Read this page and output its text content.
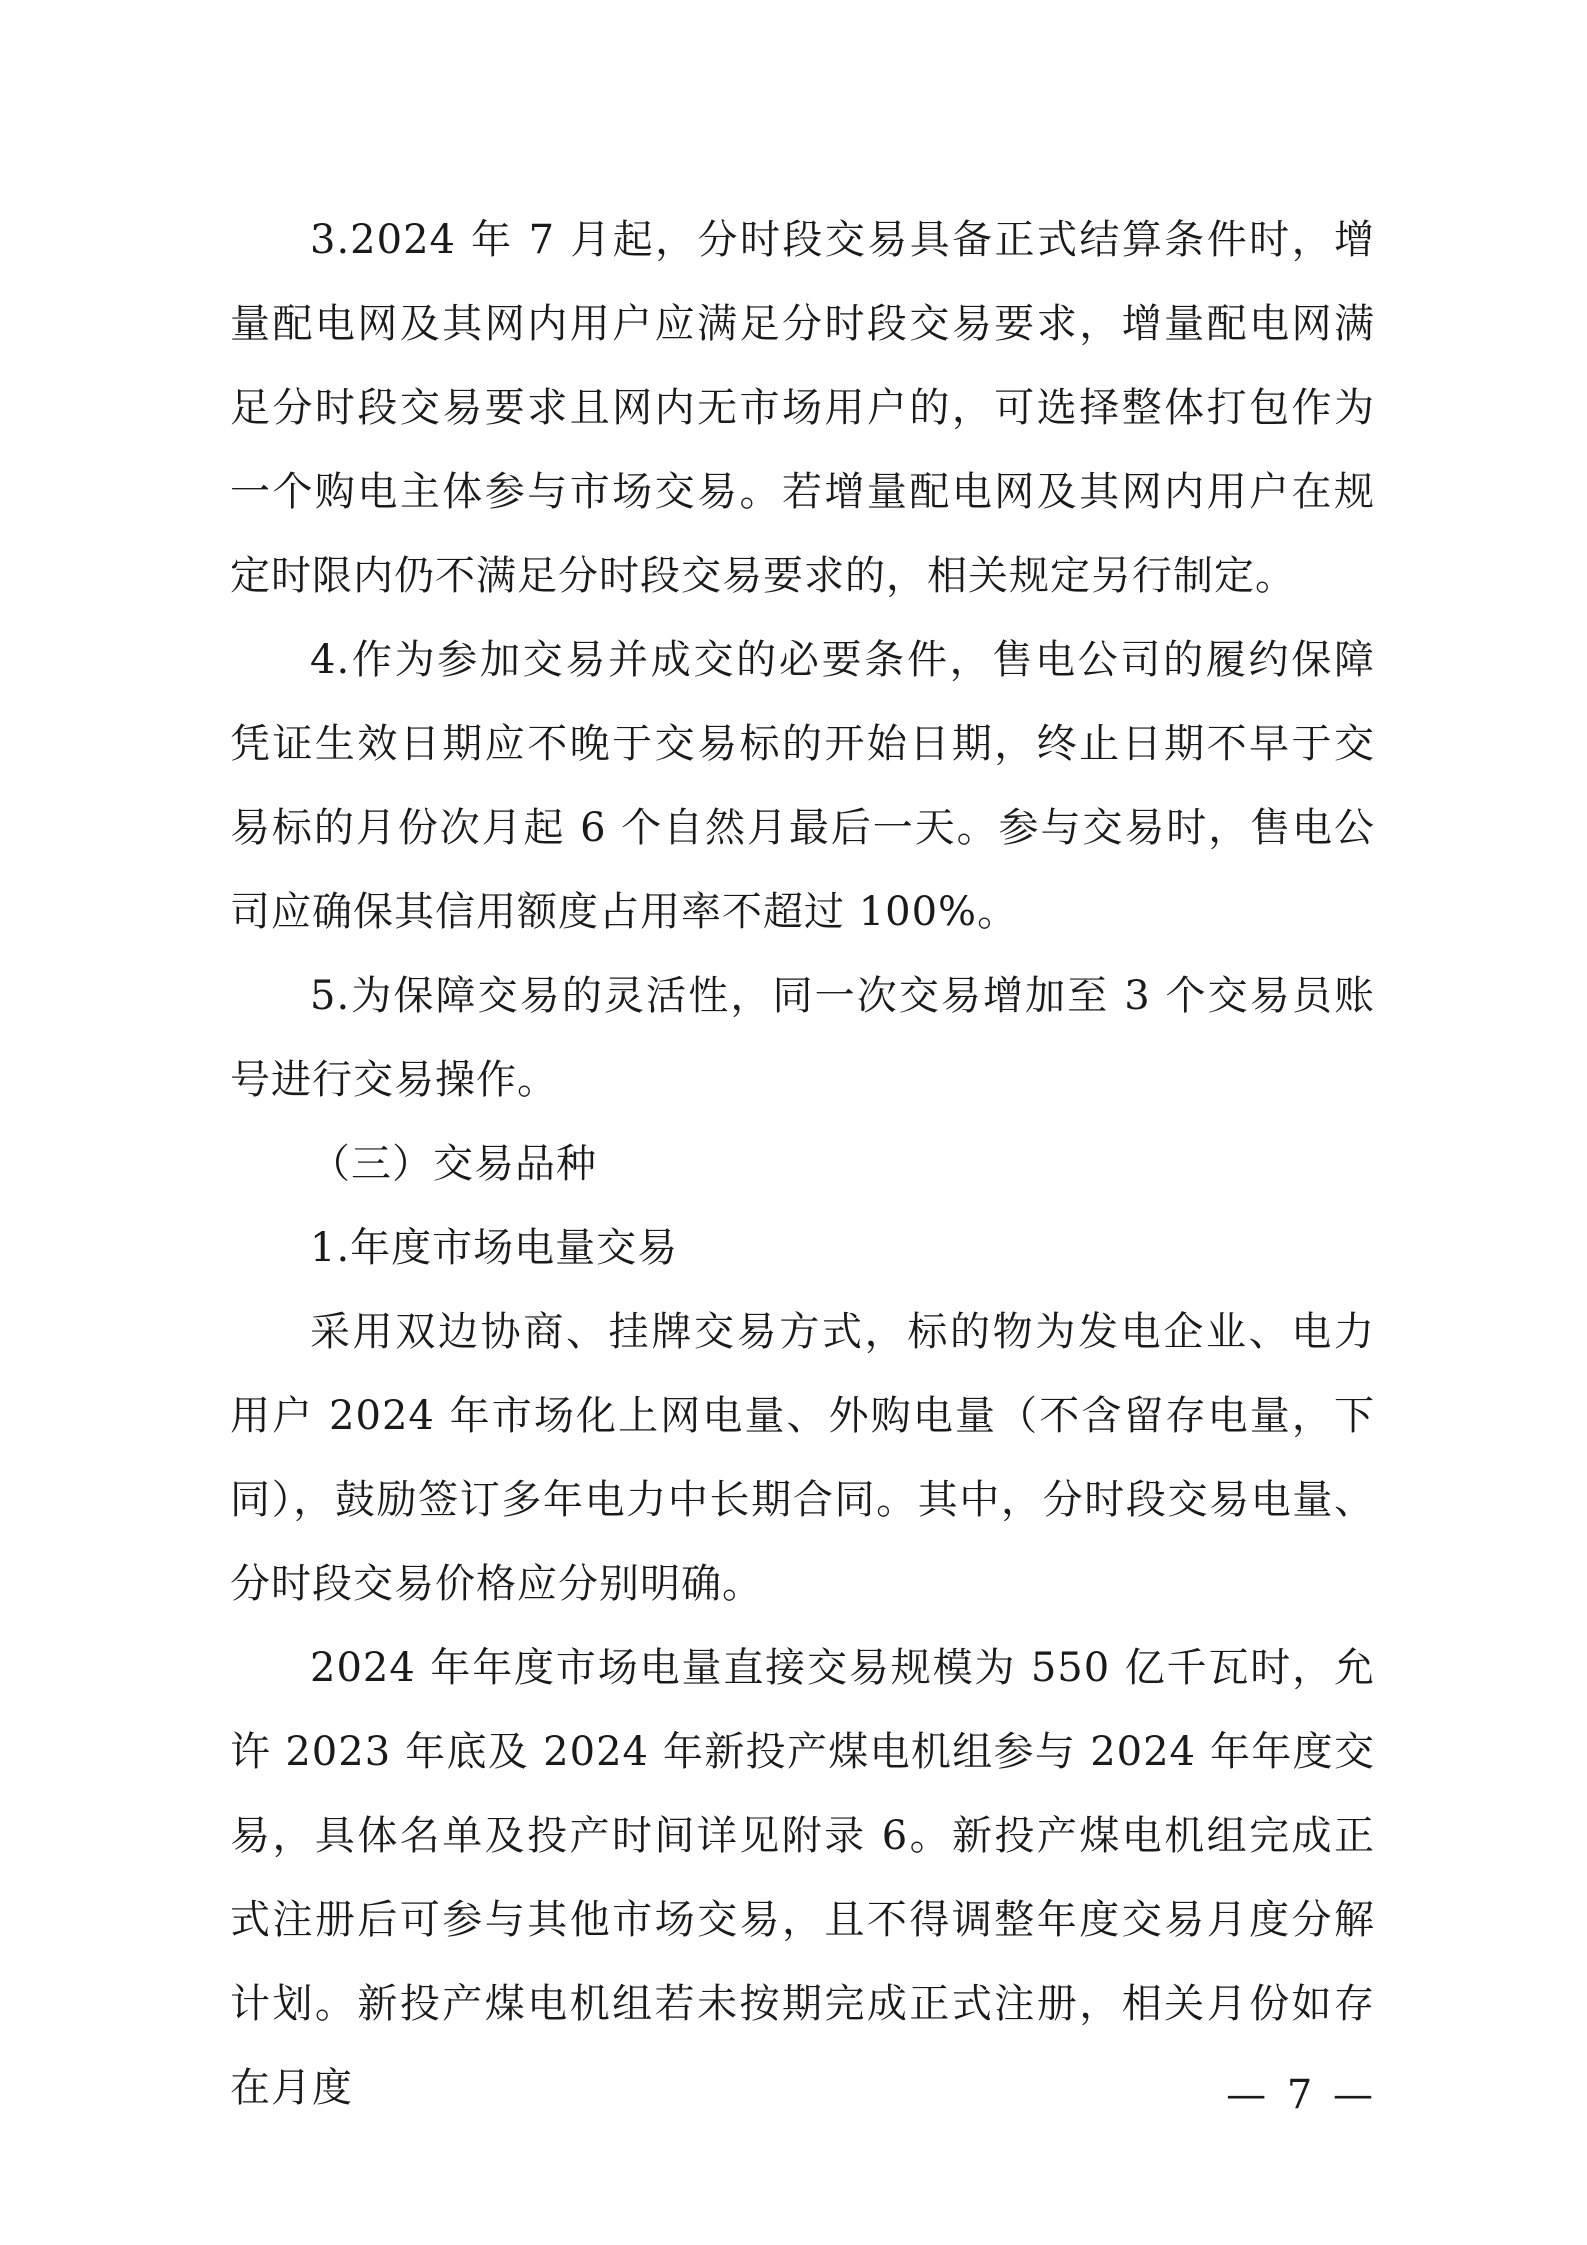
3.2024 年 7 月起，分时段交易具备正式结算条件时，增量配电网及其网内用户应满足分时段交易要求，增量配电网满足分时段交易要求且网内无市场用户的，可选择整体打包作为一个购电主体参与市场交易。若增量配电网及其网内用户在规定时限内仍不满足分时段交易要求的，相关规定另行制定。

4.作为参加交易并成交的必要条件，售电公司的履约保障凭证生效日期应不晚于交易标的开始日期，终止日期不早于交易标的月份次月起 6 个自然月最后一天。参与交易时，售电公司应确保其信用额度占用率不超过 100%。

5.为保障交易的灵活性，同一次交易增加至 3 个交易员账号进行交易操作。

（三）交易品种

1.年度市场电量交易

采用双边协商、挂牌交易方式，标的物为发电企业、电力用户 2024 年市场化上网电量、外购电量（不含留存电量，下同），鼓励签订多年电力中长期合同。其中，分时段交易电量、分时段交易价格应分别明确。

2024 年年度市场电量直接交易规模为 550 亿千瓦时，允许 2023 年底及 2024 年新投产煤电机组参与 2024 年年度交易，具体名单及投产时间详见附录 6。新投产煤电机组完成正式注册后可参与其他市场交易，且不得调整年度交易月度分解计划。新投产煤电机组若未按期完成正式注册，相关月份如存在月度	— 7 —
